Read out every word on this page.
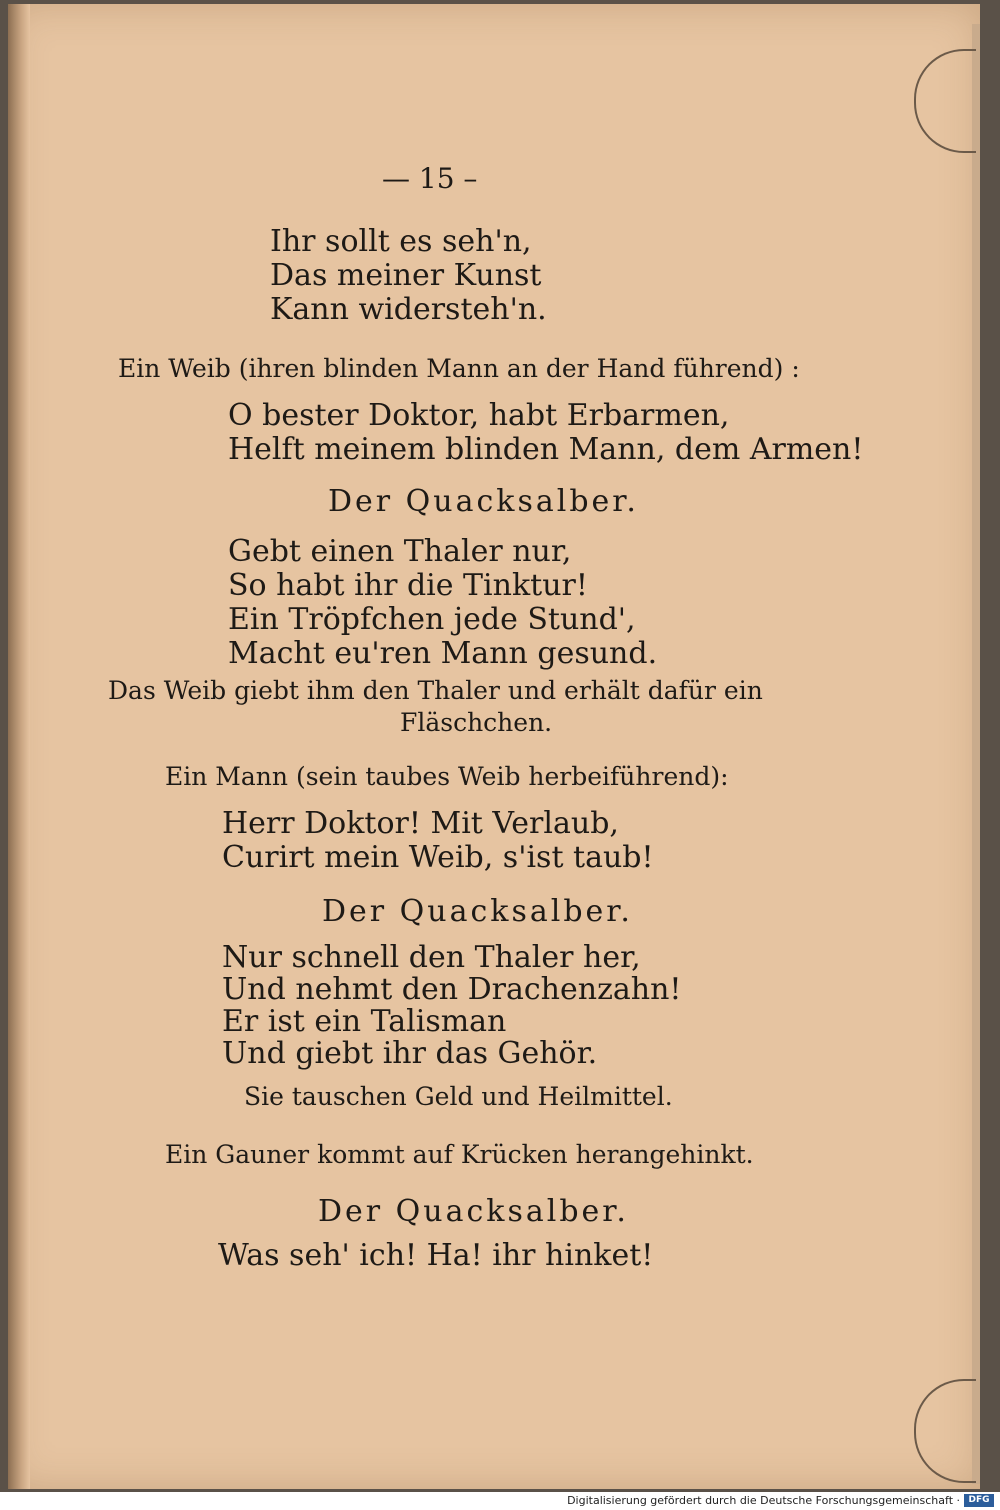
— 15 –
Ihr sollt es seh'n,
Das meiner Kunst
Kann widersteh'n.
Ein Weib (ihren blinden Mann an der Hand führend) :
O bester Doktor, habt Erbarmen,
Helft meinem blinden Mann, dem Armen!
Der Quacksalber.
Gebt einen Thaler nur,
So habt ihr die Tinktur!
Ein Tröpfchen jede Stund',
Macht eu'ren Mann gesund.
Das Weib giebt ihm den Thaler und erhält dafür ein
Fläschchen.
Ein Mann (sein taubes Weib herbeiführend):
Herr Doktor! Mit Verlaub,
Curirt mein Weib, s'ist taub!
Der Quacksalber.
Nur schnell den Thaler her,
Und nehmt den Drachenzahn!
Er ist ein Talisman
Und giebt ihr das Gehör.
Sie tauschen Geld und Heilmittel.
Ein Gauner kommt auf Krücken herangehinkt.
Der Quacksalber.
Was seh' ich! Ha! ihr hinket!
Digitalisierung gefördert durch die Deutsche Forschungsgemeinschaft · DFG
